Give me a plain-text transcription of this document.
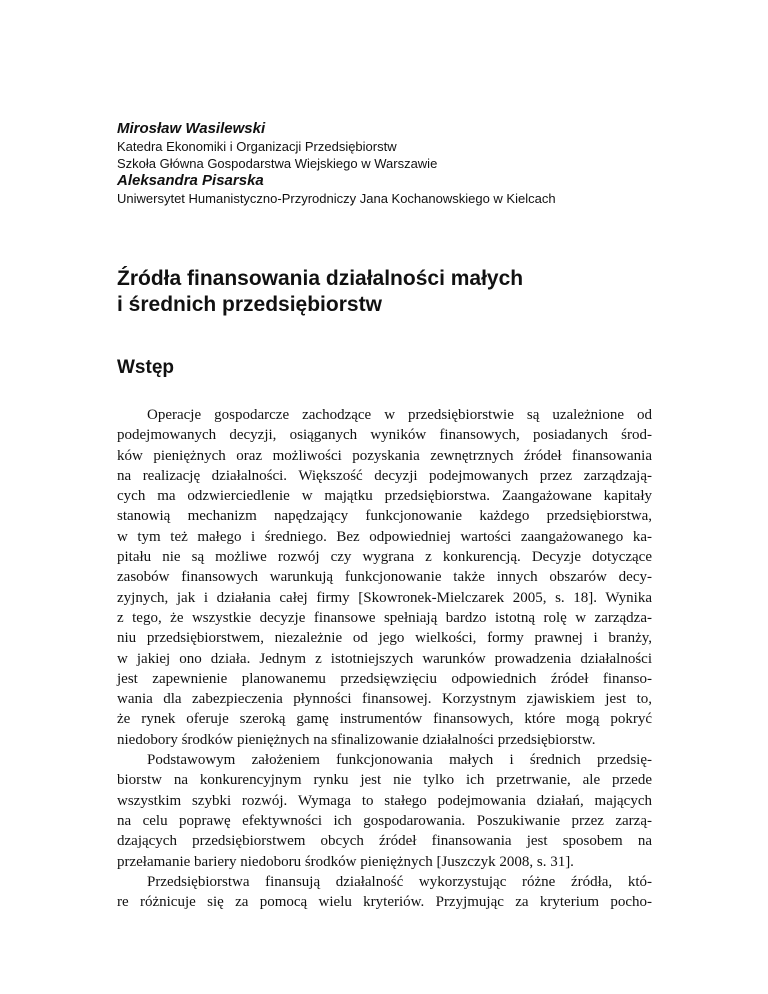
Mirosław Wasilewski

Katedra Ekonomiki i Organizacji Przedsiębiorstw

Szkoła Główna Gospodarstwa Wiejskiego w Warszawie

Aleksandra Pisarska

Uniwersytet Humanistyczno-Przyrodniczy Jana Kochanowskiego w Kielcach

Źródła finansowania działalności małych
i średnich przedsiębiorstw
Wstęp

Operacje gospodarcze zachodzące w przedsiębiorstwie są uzależnione od
podejmowanych decyzji, osiąganych wyników finansowych, posiadanych środ-
ków pieniężnych oraz możliwości pozyskania zewnętrznych źródeł finansowania
na realizację działalności. Większość decyzji podejmowanych przez zarządzają-
cych ma odzwierciedlenie w majątku przedsiębiorstwa. Zaangażowane kapitały
stanowią mechanizm napędzający funkcjonowanie każdego przedsiębiorstwa,
w tym też małego i średniego. Bez odpowiedniej wartości zaangażowanego ka-
pitału nie są możliwe rozwój czy wygrana z konkurencją. Decyzje dotyczące
zasobów finansowych warunkują funkcjonowanie także innych obszarów decy-
zyjnych, jak i działania całej firmy [Skowronek-Mielczarek 2005, s. 18]. Wynika
z tego, że wszystkie decyzje finansowe spełniają bardzo istotną rolę w zarządza-
niu przedsiębiorstwem, niezależnie od jego wielkości, formy prawnej i branży,
w jakiej ono działa. Jednym z istotniejszych warunków prowadzenia działalności
jest zapewnienie planowanemu przedsięwzięciu odpowiednich źródeł finanso-
wania dla zabezpieczenia płynności finansowej. Korzystnym zjawiskiem jest to,
że rynek oferuje szeroką gamę instrumentów finansowych, które mogą pokryć
niedobory środków pieniężnych na sfinalizowanie działalności przedsiębiorstw.

Podstawowym założeniem funkcjonowania małych i średnich przedsię-
biorstw na konkurencyjnym rynku jest nie tylko ich przetrwanie, ale przede
wszystkim szybki rozwój. Wymaga to stałego podejmowania działań, mających
na celu poprawę efektywności ich gospodarowania. Poszukiwanie przez zarzą-
dzających przedsiębiorstwem obcych źródeł finansowania jest sposobem na
przełamanie bariery niedoboru środków pieniężnych [Juszczyk 2008, s. 31].

Przedsiębiorstwa finansują działalność wykorzystując różne źródła, któ-
re różnicuje się za pomocą wielu kryteriów. Przyjmując za kryterium pocho-
